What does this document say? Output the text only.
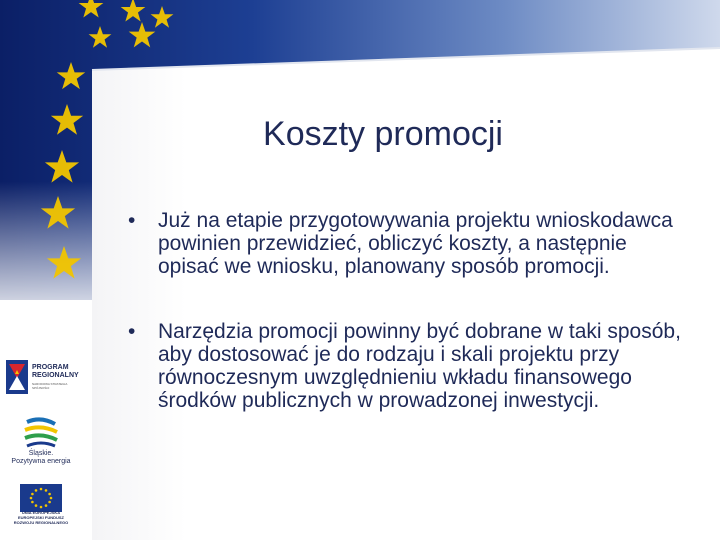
Koszty promocji
• Już na etapie przygotowywania projektu wnioskodawca powinien przewidzieć, obliczyć koszty, a następnie opisać we wniosku, planowany sposób promocji.
• Narzędzia promocji powinny być dobrane w taki sposób, aby dostosować je do rodzaju i skali projektu przy równoczesnym uwzględnieniu wkładu finansowego środków publicznych w prowadzonej inwestycji.
PROGRAM
REGIONALNY
NARODOWA STRATEGIA SPÓJNOŚCI
Śląskie.
Pozytywna energia
UNIA EUROPEJSKA
EUROPEJSKI FUNDUSZ
ROZWOJU REGIONALNEGO
